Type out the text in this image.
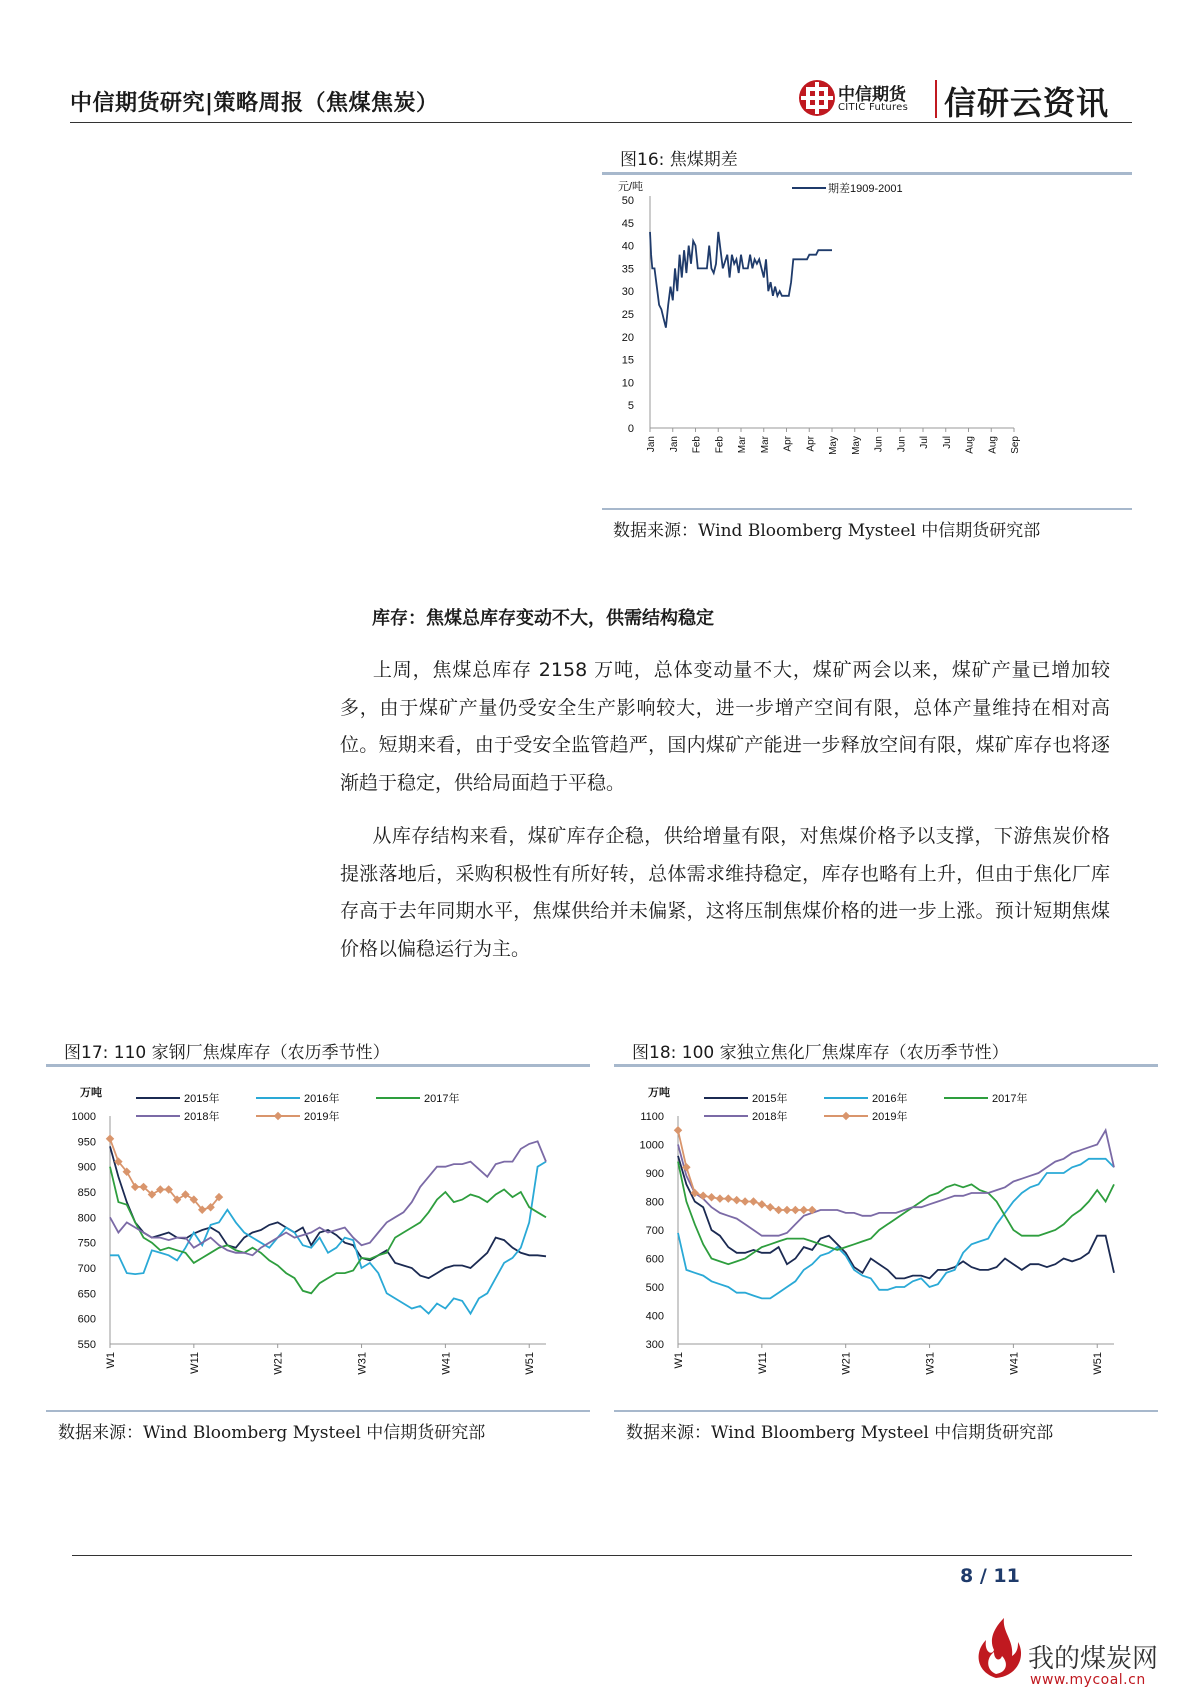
中信期货研究|策略周报（焦煤焦炭）	中信期货
CITIC Futures 信研云资讯
图16: 焦煤期差
元/吨
0
5
10
15
20
25
30
35
40
45
50
Jan Jan Feb Feb Mar Mar Apr Apr May May Jun Jun Jul Jul Aug Aug Sep
期差1909-2001
数据来源：Wind Bloomberg Mysteel 中信期货研究部
库存：焦煤总库存变动不大，供需结构稳定
上周，焦煤总库存 2158 万吨，总体变动量不大，煤矿两会以来，煤矿产量已增加较多，由于煤矿产量仍受安全生产影响较大，进一步增产空间有限，总体产量维持在相对高位。短期来看，由于受安全监管趋严，国内煤矿产能进一步释放空间有限，煤矿库存也将逐渐趋于稳定，供给局面趋于平稳。
从库存结构来看，煤矿库存企稳，供给增量有限，对焦煤价格予以支撑，下游焦炭价格提涨落地后，采购积极性有所好转，总体需求维持稳定，库存也略有上升，但由于焦化厂库存高于去年同期水平，焦煤供给并未偏紧，这将压制焦煤价格的进一步上涨。预计短期焦煤价格以偏稳运行为主。
图17: 110 家钢厂焦煤库存（农历季节性）
万吨
550
600
650
700
750
800
850
900
950
1000
W1	W11	W21	W31	W41	W51
2015年	2016年	2017年
2018年	2019年
数据来源：Wind Bloomberg Mysteel 中信期货研究部
图18: 100 家独立焦化厂焦煤库存（农历季节性）
万吨
300
400
500
600
700
800
900
1000
1100
W1	W11	W21	W31	W41	W51
2015年	2016年	2017年
2018年	2019年
数据来源：Wind Bloomberg Mysteel 中信期货研究部
8 / 11
我的煤炭网
www.mycoal.cn
